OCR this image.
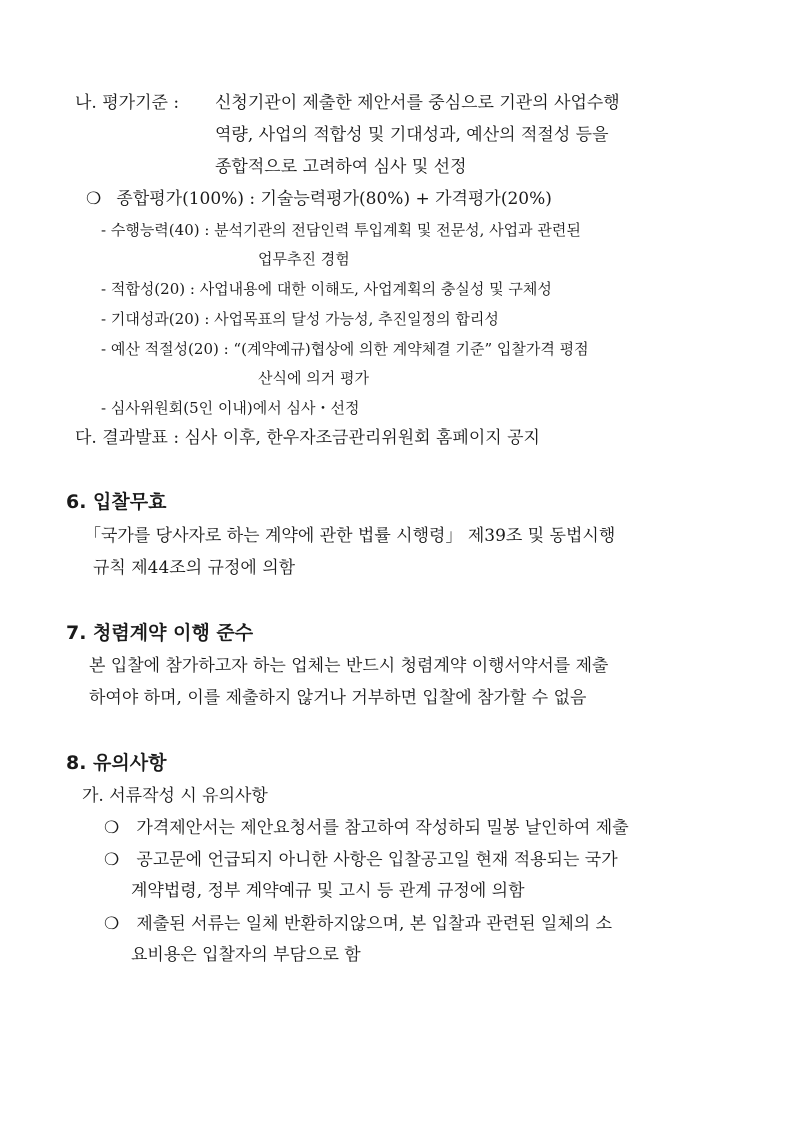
나. 평가기준 : 신청기관이 제출한 제안서를 중심으로 기관의 사업수행
역량, 사업의 적합성 및 기대성과, 예산의 적절성 등을
종합적으로 고려하여 심사 및 선정
❍ 종합평가(100%) : 기술능력평가(80%) + 가격평가(20%)
- 수행능력(40) : 분석기관의 전담인력 투입계획 및 전문성, 사업과 관련된
업무추진 경험
- 적합성(20) : 사업내용에 대한 이해도, 사업계획의 충실성 및 구체성
- 기대성과(20) : 사업목표의 달성 가능성, 추진일정의 합리성
- 예산 적절성(20) : “(계약예규)협상에 의한 계약체결 기준” 입찰가격 평점
산식에 의거 평가
- 심사위원회(5인 이내)에서 심사・선정
다. 결과발표 : 심사 이후, 한우자조금관리위원회 홈페이지 공지
6. 입찰무효
「국가를 당사자로 하는 계약에 관한 법률 시행령」 제39조 및 동법시행
규칙 제44조의 규정에 의함
7. 청렴계약 이행 준수
본 입찰에 참가하고자 하는 업체는 반드시 청렴계약 이행서약서를 제출
하여야 하며, 이를 제출하지 않거나 거부하면 입찰에 참가할 수 없음
8. 유의사항
가. 서류작성 시 유의사항
❍ 가격제안서는 제안요청서를 참고하여 작성하되 밀봉 날인하여 제출
❍ 공고문에 언급되지 아니한 사항은 입찰공고일 현재 적용되는 국가
계약법령, 정부 계약예규 및 고시 등 관계 규정에 의함
❍ 제출된 서류는 일체 반환하지않으며, 본 입찰과 관련된 일체의 소
요비용은 입찰자의 부담으로 함
